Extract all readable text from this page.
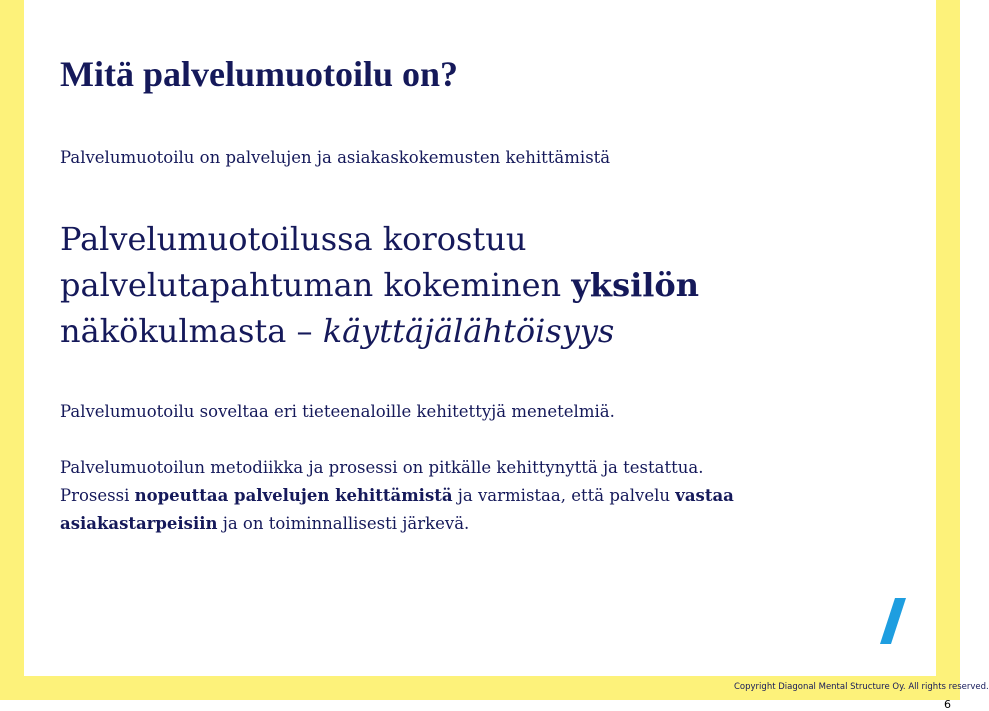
Mitä palvelumuotoilu on?

Palvelumuotoilu on palvelujen ja asiakaskokemusten kehittämistä

Palvelumuotoilussa korostuu
palvelutapahtuman kokeminen yksilön
näkökulmasta – käyttäjälähtöisyys

Palvelumuotoilu soveltaa eri tieteenaloille kehitettyjä menetelmiä.

Palvelumuotoilun metodiikka ja prosessi on pitkälle kehittynyttä ja testattua.
Prosessi nopeuttaa palvelujen kehittämistä ja varmistaa, että palvelu vastaa
asiakastarpeisiin ja on toiminnallisesti järkevä.

Copyright Diagonal Mental Structure Oy. All rights reserved.

6
